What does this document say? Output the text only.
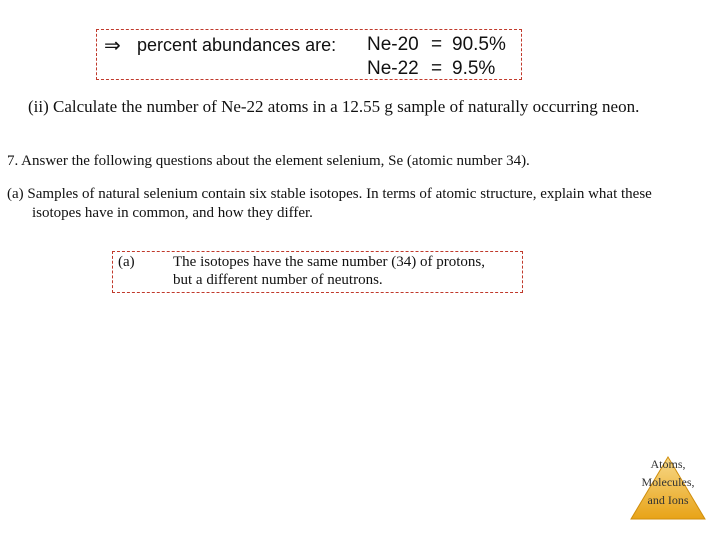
⇒ percent abundances are: Ne-20 = 90.5%
Ne-22 = 9.5%
(ii) Calculate the number of Ne-22 atoms in a 12.55 g sample of naturally occurring neon.
7. Answer the following questions about the element selenium, Se (atomic number 34).
(a) Samples of natural selenium contain six stable isotopes. In terms of atomic structure, explain what these
isotopes have in common, and how they differ.
(a)	The isotopes have the same number (34) of protons,
but a different number of neutrons.
Atoms,
Molecules,
and Ions
